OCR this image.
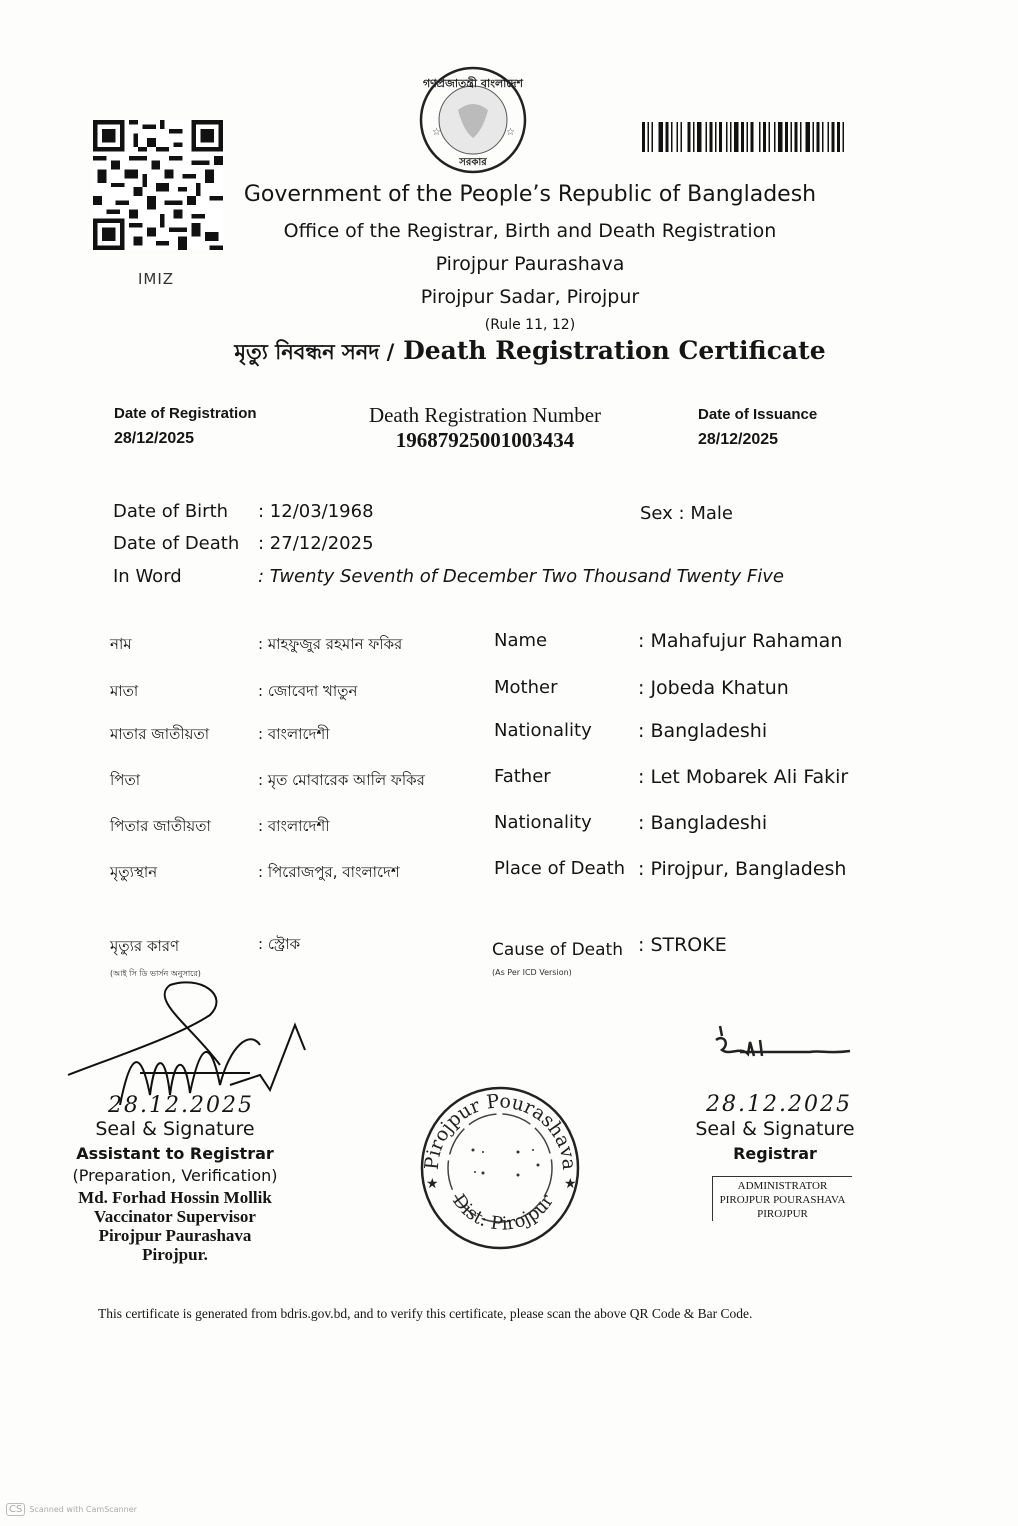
IMIZ
গণপ্রজাতন্ত্রী বাংলাদেশ
সরকার
☆	☆
Government of the People’s Republic of Bangladesh
Office of the Registrar, Birth and Death Registration
Pirojpur Paurashava
Pirojpur Sadar, Pirojpur
(Rule 11, 12)
মৃত্যু নিবন্ধন সনদ / Death Registration Certificate
Date of Registration
28/12/2025
Death Registration Number
19687925001003434
Date of Issuance
28/12/2025
Date of Birth : 12/03/1968	Sex : Male
Date of Death : 27/12/2025
In Word	: Twenty Seventh of December Two Thousand Twenty Five
নাম	: মাহফুজুর রহমান ফকির	Name	: Mahafujur Rahaman
মাতা	: জোবেদা খাতুন	Mother	: Jobeda Khatun
মাতার জাতীয়তা	: বাংলাদেশী	Nationality : Bangladeshi
পিতা	: মৃত মোবারেক আলি ফকির	Father	: Let Mobarek Ali Fakir
পিতার জাতীয়তা	: বাংলাদেশী	Nationality : Bangladeshi
মৃত্যুস্থান	: পিরোজপুর, বাংলাদেশ	Place of Death : Pirojpur, Bangladesh
মৃত্যুর কারণ	: স্ট্রোক
(আই সি ডি ভার্সন অনুসারে)
Cause of Death : STROKE
(As Per ICD Version)
28.12.2025
Seal & Signature
Assistant to Registrar
(Preparation, Verification)
Md. Forhad Hossin Mollik
Vaccinator Supervisor
Pirojpur Paurashava
Pirojpur.
Pirojpur Pourashava
Dist: Pirojpur
★	★
28.12.2025
Seal & Signature
Registrar
ADMINISTRATOR
PIROJPUR POURASHAVA
PIROJPUR
This certificate is generated from bdris.gov.bd, and to verify this certificate, please scan the above QR Code & Bar Code.
CS Scanned with CamScanner
